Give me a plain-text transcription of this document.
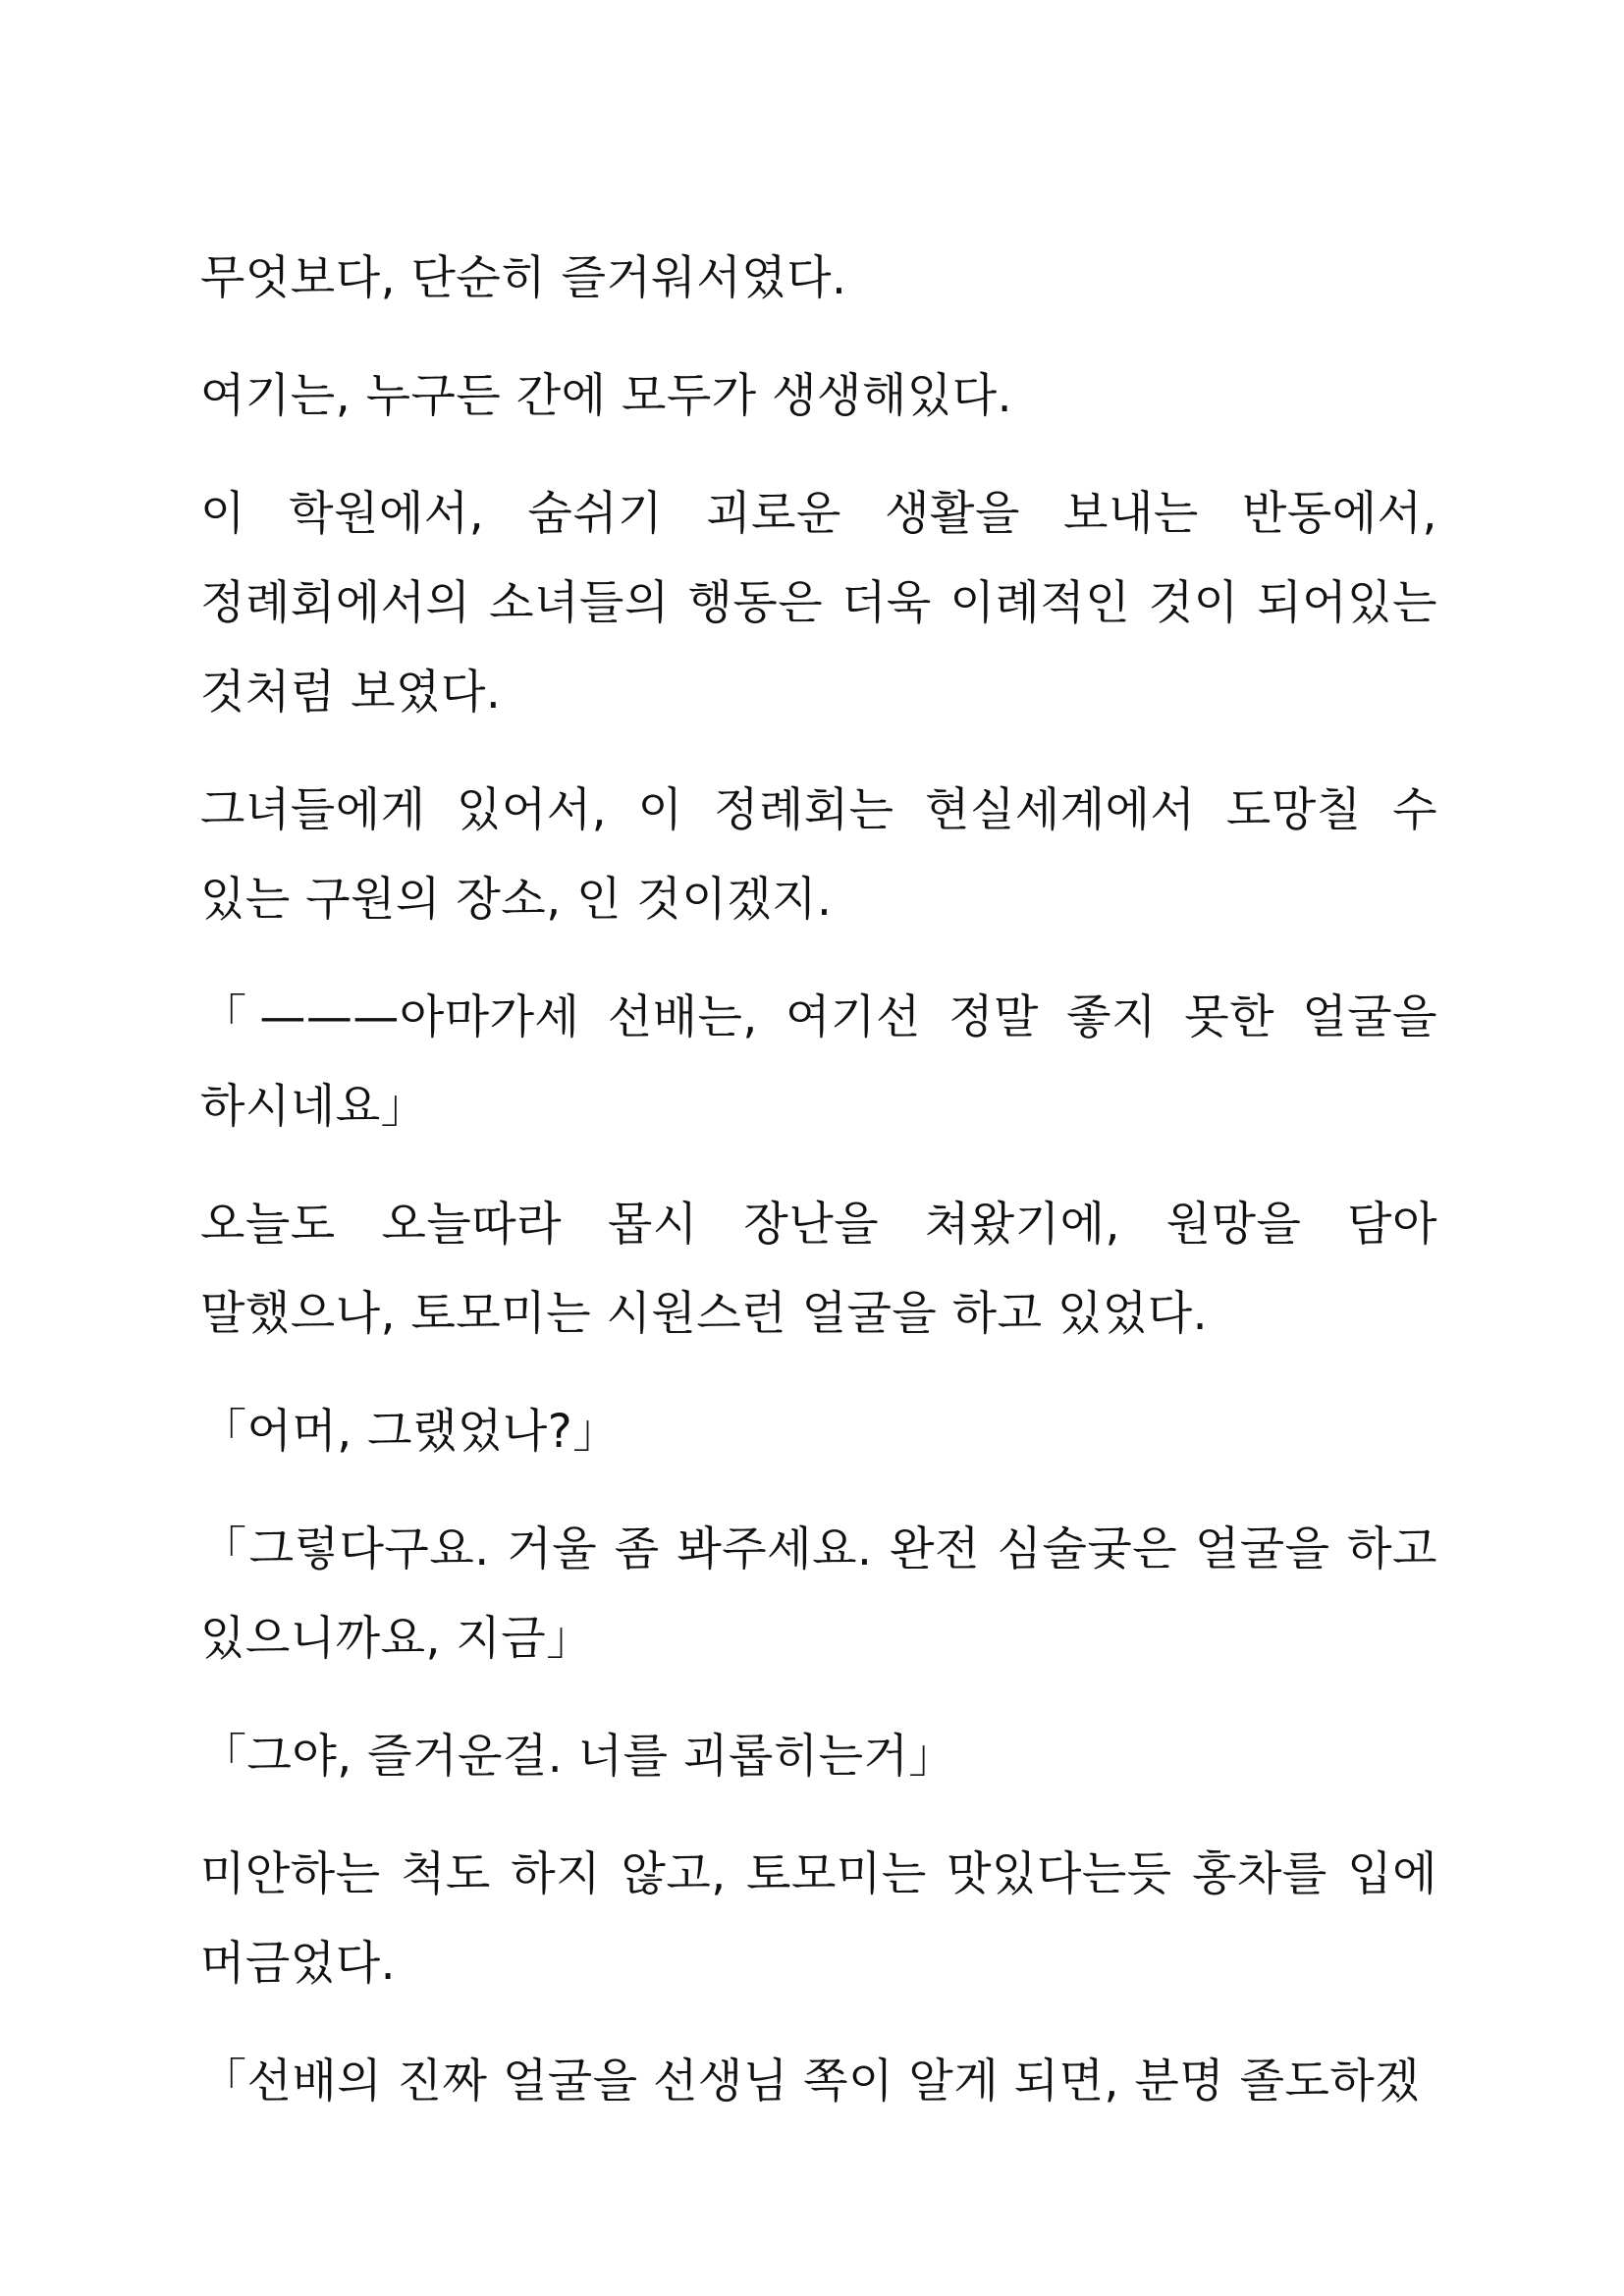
무엇보다, 단순히 즐거워서였다.

여기는, 누구든 간에 모두가 생생해있다.

이 학원에서, 숨쉬기 괴로운 생활을 보내는 반동에서, 정례회에서의 소녀들의 행동은 더욱 이례적인 것이 되어있는 것처럼 보였다.

그녀들에게 있어서, 이 정례회는 현실세계에서 도망칠 수 있는 구원의 장소, 인 것이겠지.

「———아마가세 선배는, 여기선 정말 좋지 못한 얼굴을 하시네요」

오늘도 오늘따라 몹시 장난을 쳐왔기에, 원망을 담아 말했으나, 토모미는 시원스런 얼굴을 하고 있었다.

「어머, 그랬었나?」

「그렇다구요. 거울 좀 봐주세요. 완전 심술궂은 얼굴을 하고 있으니까요, 지금」

「그야, 즐거운걸. 너를 괴롭히는거」

미안하는 척도 하지 않고, 토모미는 맛있다는듯 홍차를 입에 머금었다.

「선배의 진짜 얼굴을 선생님 쪽이 알게 되면, 분명 졸도하겠
